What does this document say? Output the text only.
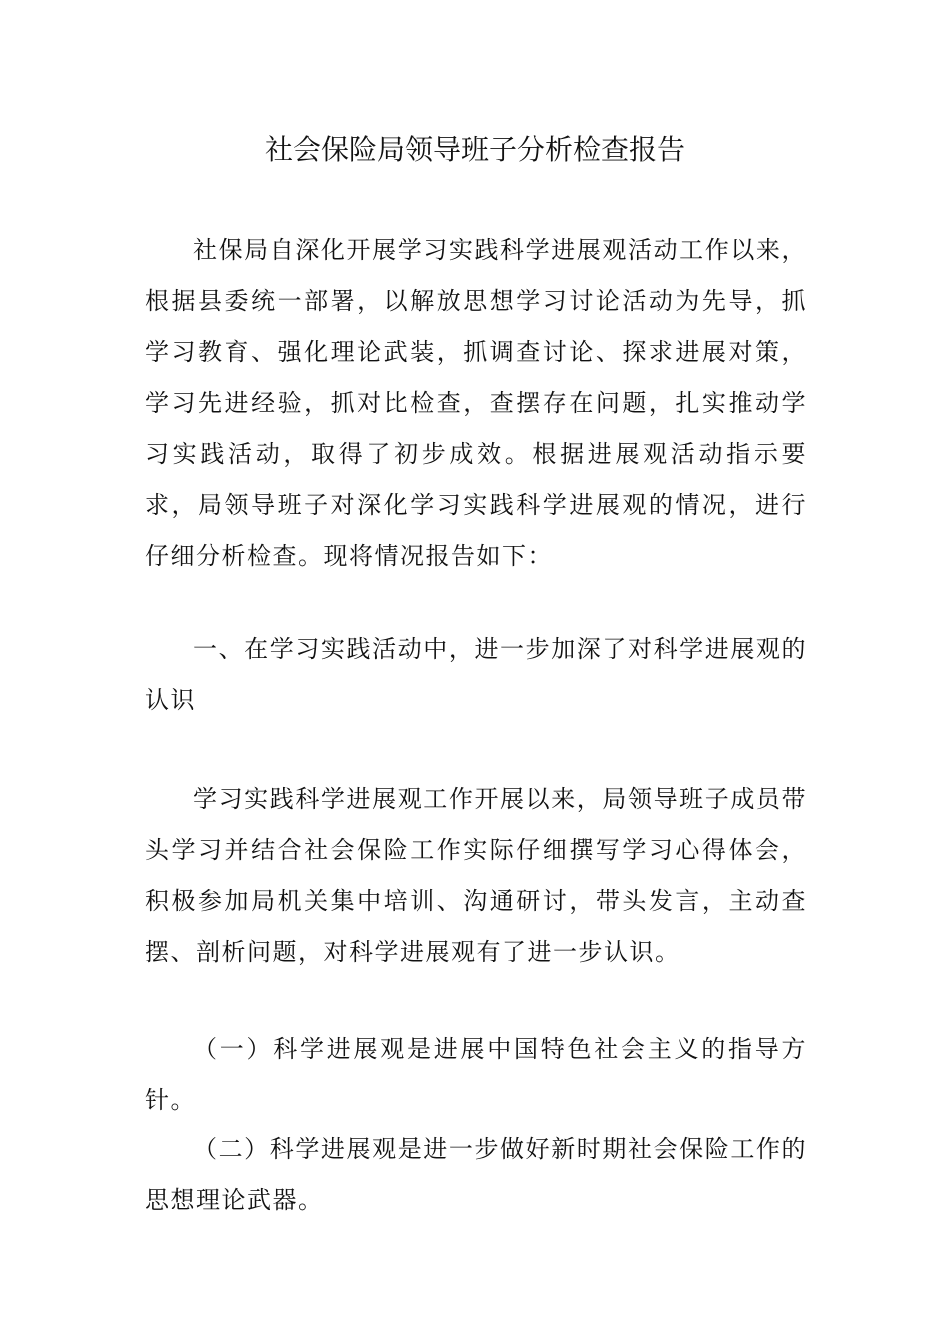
社会保险局领导班子分析检查报告

社保局自深化开展学习实践科学进展观活动工作以来，根据县委统一部署，以解放思想学习讨论活动为先导，抓学习教育、强化理论武装，抓调查讨论、探求进展对策，学习先进经验，抓对比检查，查摆存在问题，扎实推动学习实践活动，取得了初步成效。根据进展观活动指示要求，局领导班子对深化学习实践科学进展观的情况，进行仔细分析检查。现将情况报告如下：

一、在学习实践活动中，进一步加深了对科学进展观的认识

学习实践科学进展观工作开展以来，局领导班子成员带头学习并结合社会保险工作实际仔细撰写学习心得体会，积极参加局机关集中培训、沟通研讨，带头发言，主动查摆、剖析问题，对科学进展观有了进一步认识。

（一）科学进展观是进展中国特色社会主义的指导方针。

（二）科学进展观是进一步做好新时期社会保险工作的思想理论武器。
